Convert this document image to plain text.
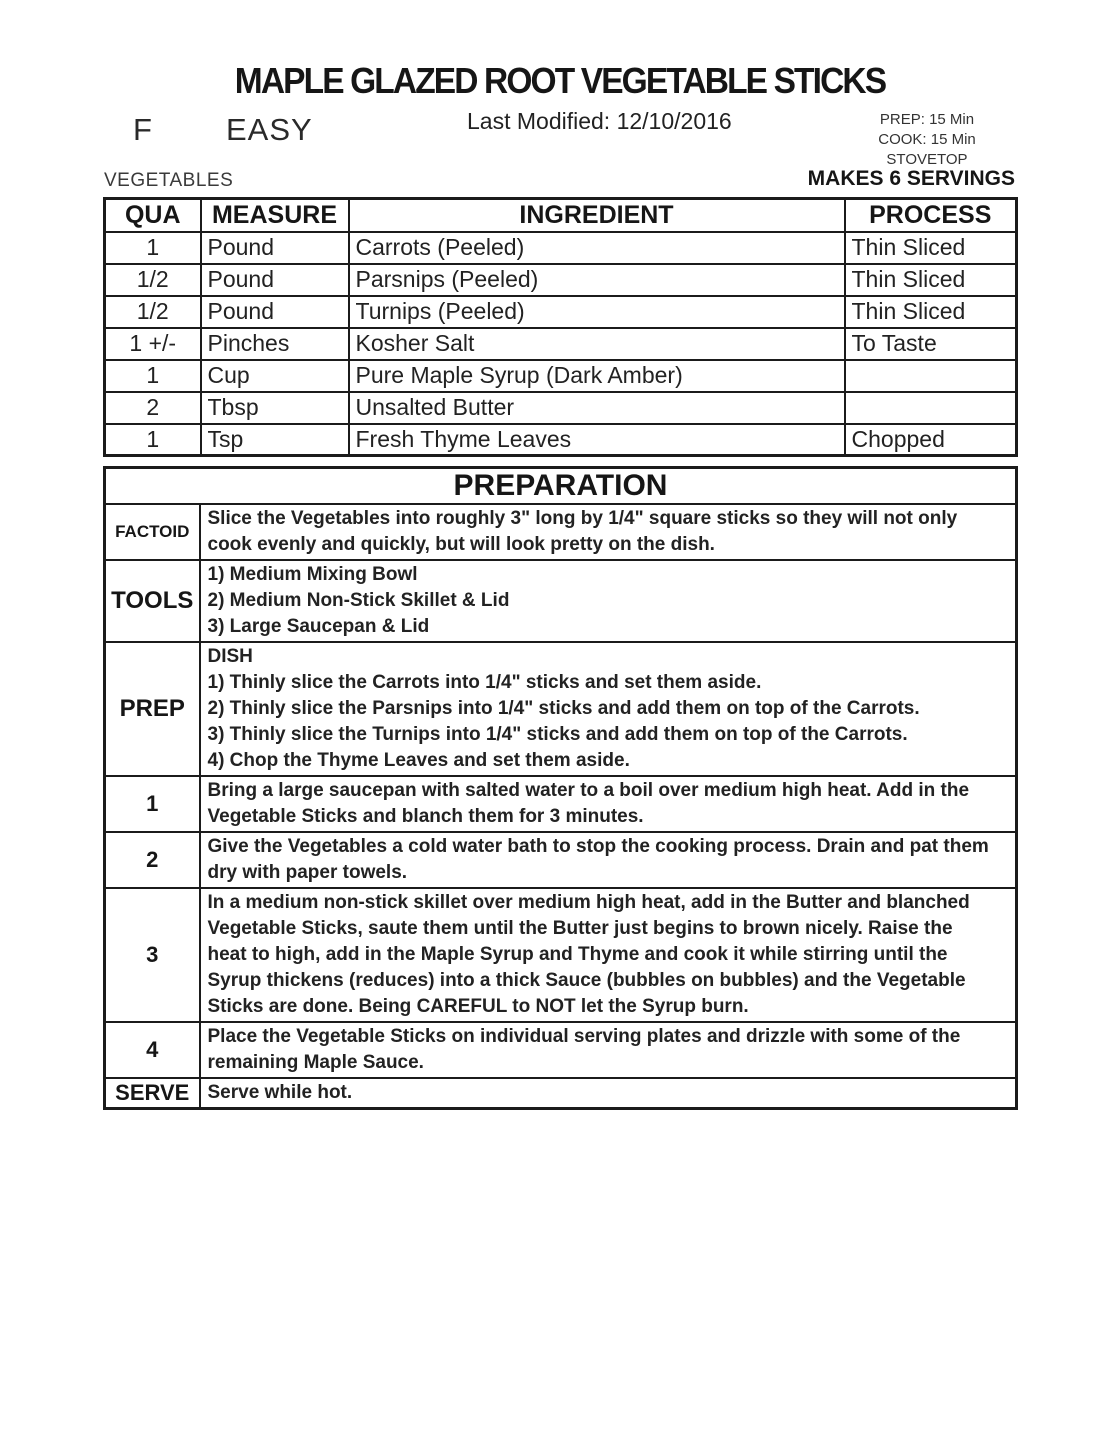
MAPLE GLAZED ROOT VEGETABLE STICKS
F EASY	Last Modified: 12/10/2016	PREP: 15 Min
COOK: 15 Min
STOVETOP
VEGETABLES	MAKES 6 SERVINGS
QUA	MEASURE	INGREDIENT	PROCESS
1	Pound	Carrots (Peeled)	Thin Sliced
1/2	Pound	Parsnips (Peeled)	Thin Sliced
1/2	Pound	Turnips (Peeled)	Thin Sliced
1 +/-	Pinches	Kosher Salt	To Taste
1	Cup	Pure Maple Syrup (Dark Amber)	
2	Tbsp	Unsalted Butter	
1	Tsp	Fresh Thyme Leaves	Chopped
PREPARATION	
FACTOID	Slice the Vegetables into roughly 3" long by 1/4" square sticks so they will not only cook evenly and quickly, but will look pretty on the dish.
TOOLS	1) Medium Mixing Bowl
2) Medium Non-Stick Skillet & Lid
3) Large Saucepan & Lid

PREP	DISH
1) Thinly slice the Carrots into 1/4" sticks and set them aside.
2) Thinly slice the Parsnips into 1/4" sticks and add them on top of the Carrots.
3) Thinly slice the Turnips into 1/4" sticks and add them on top of the Carrots.
4) Chop the Thyme Leaves and set them aside.

1	Bring a large saucepan with salted water to a boil over medium high heat. Add in the Vegetable Sticks and blanch them for 3 minutes.
2	Give the Vegetables a cold water bath to stop the cooking process. Drain and pat them dry with paper towels.
3	In a medium non-stick skillet over medium high heat, add in the Butter and blanched Vegetable Sticks, saute them until the Butter just begins to brown nicely. Raise the heat to high, add in the Maple Syrup and Thyme and cook it while stirring until the Syrup thickens (reduces) into a thick Sauce (bubbles on bubbles) and the Vegetable Sticks are done. Being CAREFUL to NOT let the Syrup burn.
4	Place the Vegetable Sticks on individual serving plates and drizzle with some of the remaining Maple Sauce.
SERVE	Serve while hot.
